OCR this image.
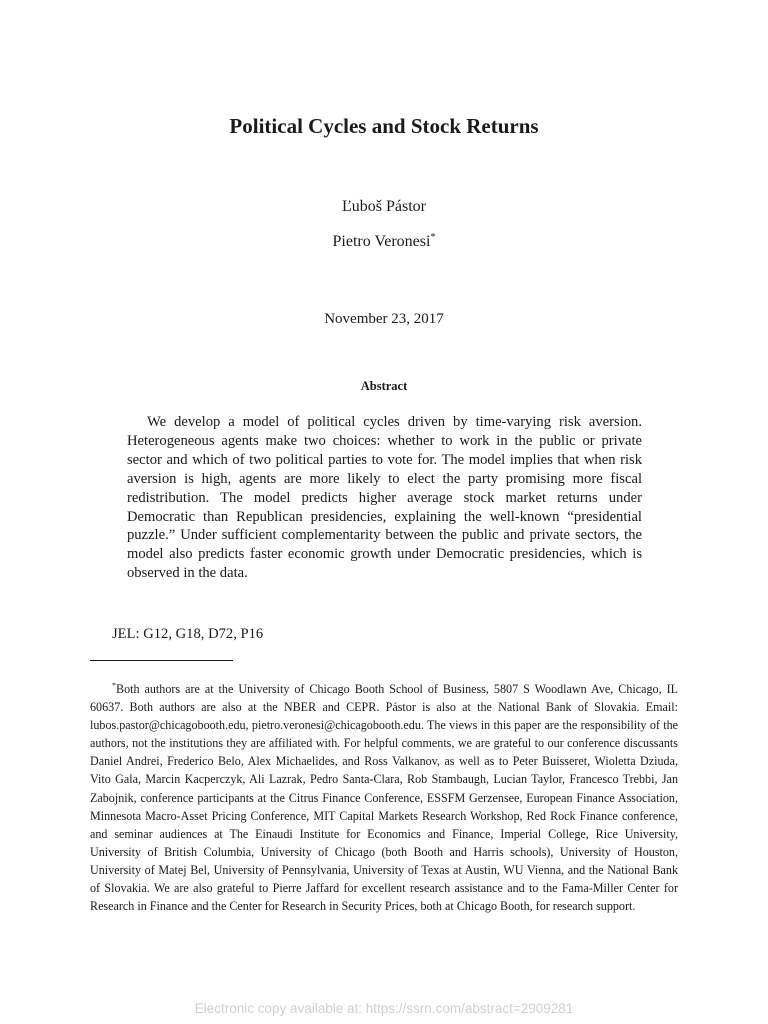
Political Cycles and Stock Returns
Ľuboš Pástor
Pietro Veronesi*
November 23, 2017
Abstract

We develop a model of political cycles driven by time-varying risk aversion. Heterogeneous agents make two choices: whether to work in the public or private sector and which of two political parties to vote for. The model implies that when risk aversion is high, agents are more likely to elect the party promising more fiscal redistribution. The model predicts higher average stock market returns under Democratic than Republican presidencies, explaining the well-known “presidential puzzle.” Under sufficient complementarity between the public and private sectors, the model also predicts faster economic growth under Democratic presidencies, which is observed in the data.

JEL: G12, G18, D72, P16

*Both authors are at the University of Chicago Booth School of Business, 5807 S Woodlawn Ave, Chicago, IL 60637. Both authors are also at the NBER and CEPR. Pástor is also at the National Bank of Slovakia. Email: lubos.pastor@chicagobooth.edu, pietro.veronesi@chicagobooth.edu. The views in this paper are the responsibility of the authors, not the institutions they are affiliated with. For helpful comments, we are grateful to our conference discussants Daniel Andrei, Frederico Belo, Alex Michaelides, and Ross Valkanov, as well as to Peter Buisseret, Wioletta Dziuda, Vito Gala, Marcin Kacperczyk, Ali Lazrak, Pedro Santa-Clara, Rob Stambaugh, Lucian Taylor, Francesco Trebbi, Jan Zabojnik, conference participants at the Citrus Finance Conference, ESSFM Gerzensee, European Finance Association, Minnesota Macro-Asset Pricing Conference, MIT Capital Markets Research Workshop, Red Rock Finance conference, and seminar audiences at The Einaudi Institute for Economics and Finance, Imperial College, Rice University, University of British Columbia, University of Chicago (both Booth and Harris schools), University of Houston, University of Matej Bel, University of Pennsylvania, University of Texas at Austin, WU Vienna, and the National Bank of Slovakia. We are also grateful to Pierre Jaffard for excellent research assistance and to the Fama-Miller Center for Research in Finance and the Center for Research in Security Prices, both at Chicago Booth, for research support.

Electronic copy available at: https://ssrn.com/abstract=2909281
